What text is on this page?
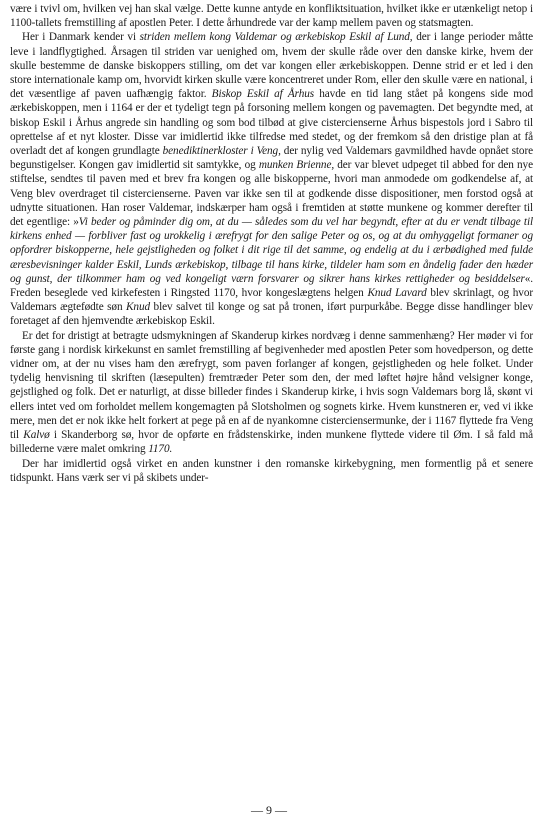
være i tvivl om, hvilken vej han skal vælge. Dette kunne antyde en konfliktsituation, hvilket ikke er utænkeligt netop i 1100-tallets fremstilling af apostlen Peter. I dette århundrede var der kamp mellem paven og statsmagten.

Her i Danmark kender vi striden mellem kong Valdemar og ærkebiskop Eskil af Lund, der i lange perioder måtte leve i landflygtighed. Årsagen til striden var uenighed om, hvem der skulle råde over den danske kirke, hvem der skulle bestemme de danske biskoppers stilling, om det var kongen eller ærkebiskoppen. Denne strid er et led i den store internationale kamp om, hvorvidt kirken skulle være koncentreret under Rom, eller den skulle være en national, i det væsentlige af paven uafhængig faktor. Biskop Eskil af Århus havde en tid lang stået på kongens side mod ærkebiskoppen, men i 1164 er der et tydeligt tegn på forsoning mellem kongen og pavemagten. Det begyndte med, at biskop Eskil i Århus angrede sin handling og som bod tilbød at give cistercienserne Århus bispestols jord i Sabro til oprettelse af et nyt kloster. Disse var imidlertid ikke tilfredse med stedet, og der fremkom så den dristige plan at få overladt det af kongen grundlagte benediktinerkloster i Veng, der nylig ved Valdemars gavmildhed havde opnået store begunstigelser. Kongen gav imidlertid sit samtykke, og munken Brienne, der var blevet udpeget til abbed for den nye stiftelse, sendtes til paven med et brev fra kongen og alle biskopperne, hvori man anmodede om godkendelse af, at Veng blev overdraget til cistercienserne. Paven var ikke sen til at godkende disse dispositioner, men forstod også at udnytte situationen. Han roser Valdemar, indskærper ham også i fremtiden at støtte munkene og kommer derefter til det egentlige: »Vi beder og påminder dig om, at du — således som du vel har begyndt, efter at du er vendt tilbage til kirkens enhed — forbliver fast og urokkelig i ærefrygt for den salige Peter og os, og at du omhyggeligt formaner og opfordrer biskopperne, hele gejstligheden og folket i dit rige til det samme, og endelig at du i ærbødighed med fulde æresbevisninger kalder Eskil, Lunds ærkebiskop, tilbage til hans kirke, tildeler ham som en åndelig fader den hæder og gunst, der tilkommer ham og ved kongeligt værn forsvarer og sikrer hans kirkes rettigheder og besiddelser«. Freden beseglede ved kirkefesten i Ringsted 1170, hvor kongeslægtens helgen Knud Lavard blev skrinlagt, og hvor Valdemars ægtefødte søn Knud blev salvet til konge og sat på tronen, iført purpurkåbe. Begge disse handlinger blev foretaget af den hjemvendte ærkebiskop Eskil.

Er det for dristigt at betragte udsmykningen af Skanderup kirkes nordvæg i denne sammenhæng? Her møder vi for første gang i nordisk kirkekunst en samlet fremstilling af begivenheder med apostlen Peter som hovedperson, og dette vidner om, at der nu vises ham den ærefrygt, som paven forlanger af kongen, gejstligheden og hele folket. Under tydelig henvisning til skriften (læsepulten) fremtræder Peter som den, der med løftet højre hånd velsigner konge, gejstlighed og folk. Det er naturligt, at disse billeder findes i Skanderup kirke, i hvis sogn Valdemars borg lå, skønt vi ellers intet ved om forholdet mellem kongemagten på Slotsholmen og sognets kirke. Hvem kunstneren er, ved vi ikke mere, men det er nok ikke helt forkert at pege på en af de nyankomne cisterciensermunke, der i 1167 flyttede fra Veng til Kalvø i Skanderborg sø, hvor de opførte en frådstenskirke, inden munkene flyttede videre til Øm. I så fald må billederne være malet omkring 1170.

Der har imidlertid også virket en anden kunstner i den romanske kirkebygning, men formentlig på et senere tidspunkt. Hans værk ser vi på skibets under-

— 9 —
